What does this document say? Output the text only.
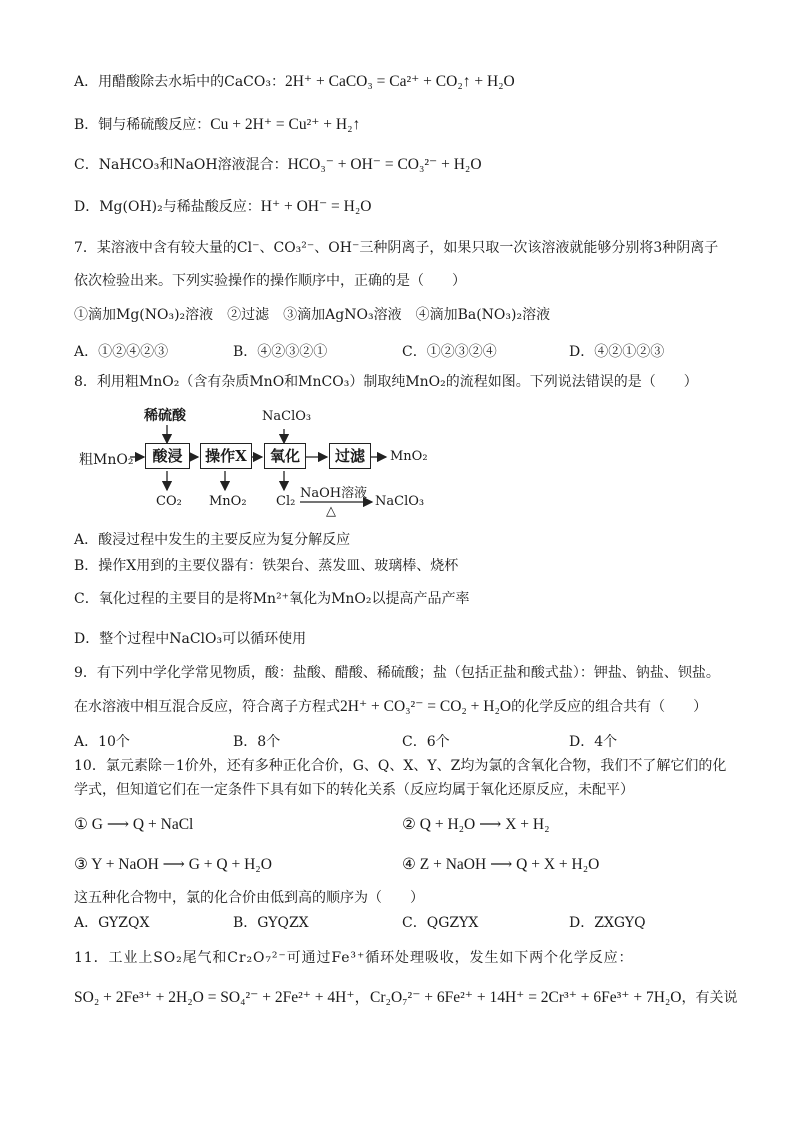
A．用醋酸除去水垢中的CaCO₃：2H⁺ + CaCO₃ = Ca²⁺ + CO₂↑ + H₂O
B．铜与稀硫酸反应：Cu + 2H⁺ = Cu²⁺ + H₂↑
C．NaHCO₃和NaOH溶液混合：HCO₃⁻ + OH⁻ = CO₃²⁻ + H₂O
D．Mg(OH)₂与稀盐酸反应：H⁺ + OH⁻ = H₂O
7．某溶液中含有较大量的Cl⁻、CO₃²⁻、OH⁻三种阴离子，如果只取一次该溶液就能够分别将3种阴离子
依次检验出来。下列实验操作的操作顺序中，正确的是（　　）
①滴加Mg(NO₃)₂溶液　②过滤　③滴加AgNO₃溶液　④滴加Ba(NO₃)₂溶液
A．①②④②③	B．④②③②①	C．①②③②④	D．④②①②③
8．利用粗MnO₂（含有杂质MnO和MnCO₃）制取纯MnO₂的流程如图。下列说法错误的是（　　）
稀硫酸	NaClO₃
粗MnO₂	酸浸	操作X	氧化	过滤	MnO₂
CO₂ MnO₂ Cl₂
NaOH溶液
△
NaClO₃
A．酸浸过程中发生的主要反应为复分解反应
B．操作X用到的主要仪器有：铁架台、蒸发皿、玻璃棒、烧杯
C．氧化过程的主要目的是将Mn²⁺氧化为MnO₂以提高产品产率
D．整个过程中NaClO₃可以循环使用
9．有下列中学化学常见物质，酸：盐酸、醋酸、稀硫酸；盐（包括正盐和酸式盐）：钾盐、钠盐、钡盐。
在水溶液中相互混合反应，符合离子方程式2H⁺ + CO₃²⁻ = CO₂ + H₂O的化学反应的组合共有（　　）
A．10个	B．8个	C．6个	D．4个
10．氯元素除－1价外，还有多种正化合价，G、Q、X、Y、Z均为氯的含氧化合物，我们不了解它们的化
学式，但知道它们在一定条件下具有如下的转化关系（反应均属于氧化还原反应，未配平）
① G ⟶ Q + NaCl	② Q + H₂O ⟶ X + H₂
③ Y + NaOH ⟶ G + Q + H₂O	④ Z + NaOH ⟶ Q + X + H₂O
这五种化合物中，氯的化合价由低到高的顺序为（　　）
A．GYZQX	B．GYQZX	C．QGZYX	D．ZXGYQ
11．工业上SO₂尾气和Cr₂O₇²⁻可通过Fe³⁺循环处理吸收，发生如下两个化学反应：
SO₂ + 2Fe³⁺ + 2H₂O = SO₄²⁻ + 2Fe²⁺ + 4H⁺，Cr₂O₇²⁻ + 6Fe²⁺ + 14H⁺ = 2Cr³⁺ + 6Fe³⁺ + 7H₂O，有关说
